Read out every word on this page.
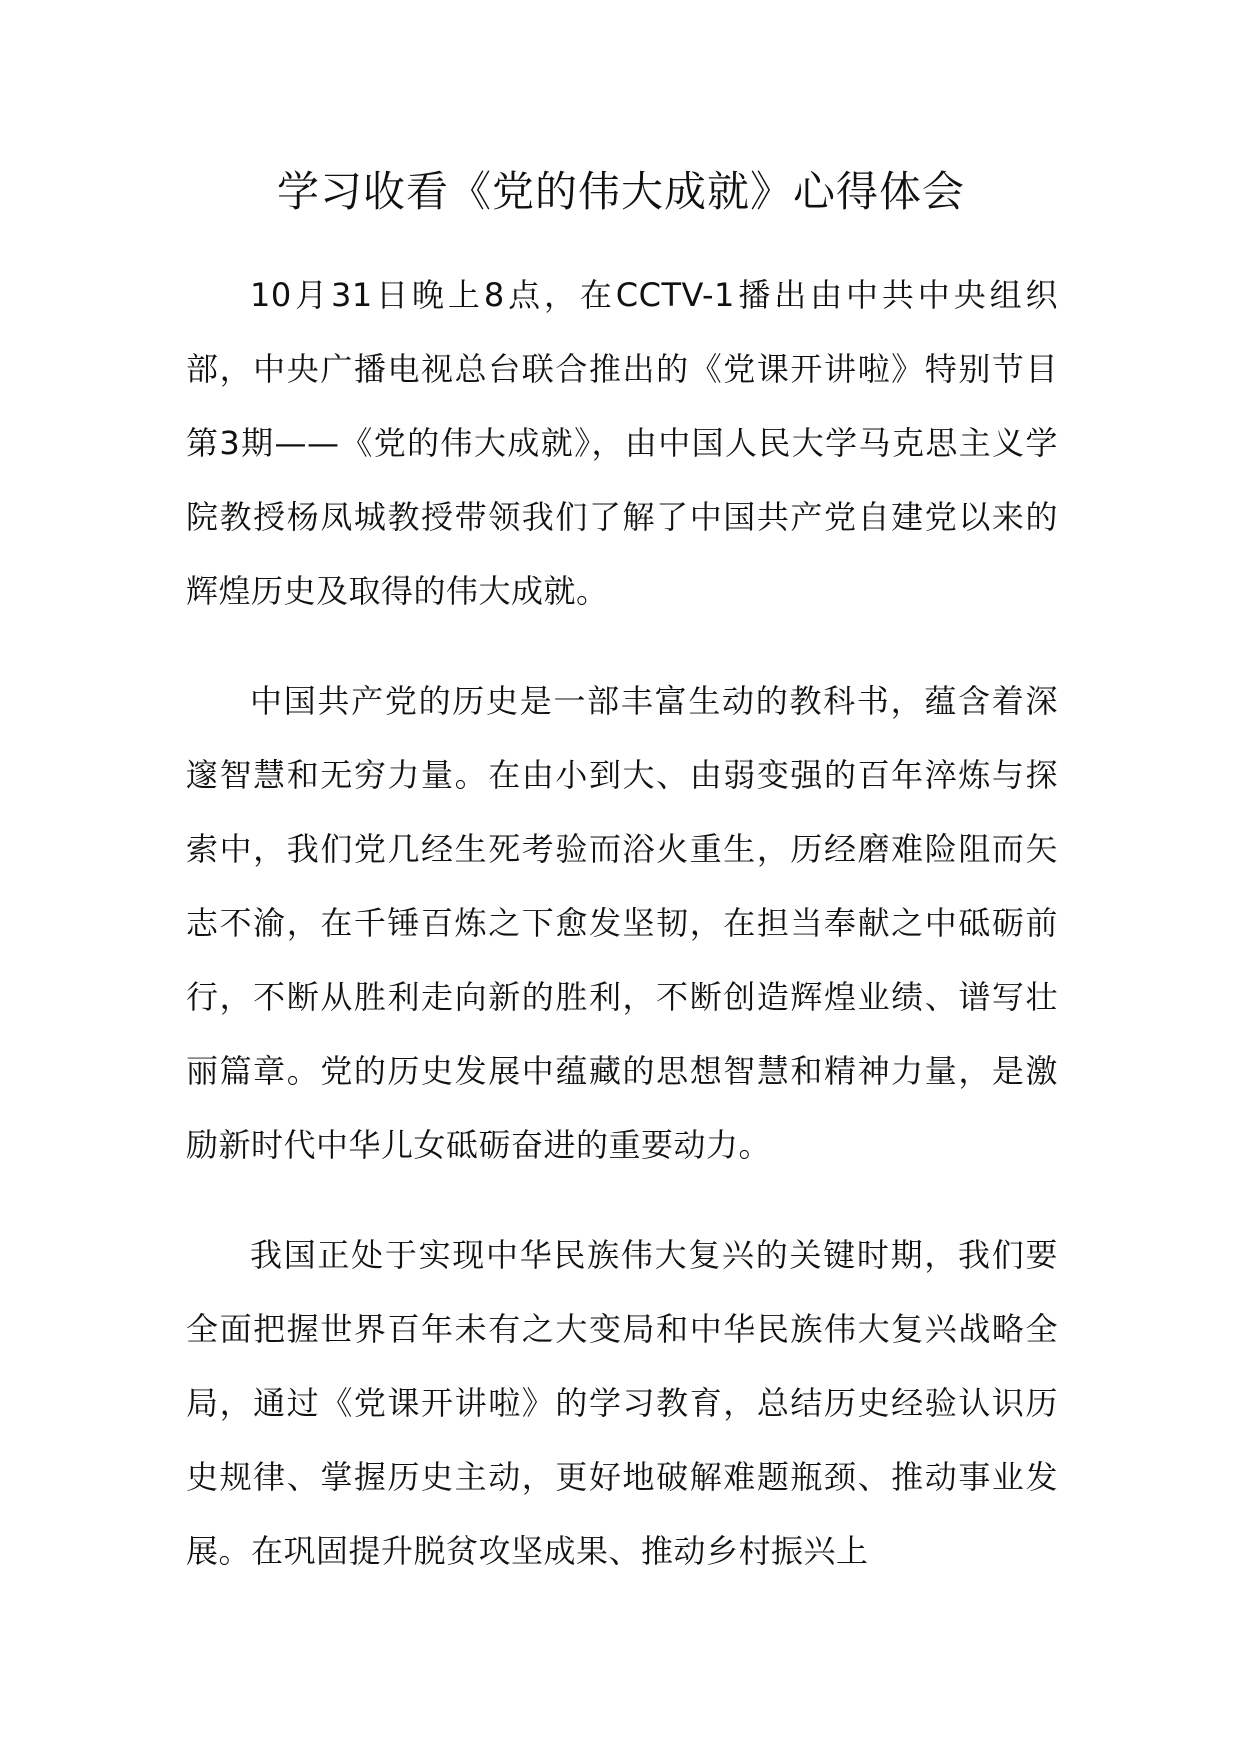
学习收看《党的伟大成就》心得体会

10月31日晚上8点，在CCTV-1播出由中共中央组织部，中央广播电视总台联合推出的《党课开讲啦》特别节目第3期——《党的伟大成就》，由中国人民大学马克思主义学院教授杨凤城教授带领我们了解了中国共产党自建党以来的辉煌历史及取得的伟大成就。

中国共产党的历史是一部丰富生动的教科书，蕴含着深邃智慧和无穷力量。在由小到大、由弱变强的百年淬炼与探索中，我们党几经生死考验而浴火重生，历经磨难险阻而矢志不渝，在千锤百炼之下愈发坚韧，在担当奉献之中砥砺前行，不断从胜利走向新的胜利，不断创造辉煌业绩、谱写壮丽篇章。党的历史发展中蕴藏的思想智慧和精神力量，是激励新时代中华儿女砥砺奋进的重要动力。

我国正处于实现中华民族伟大复兴的关键时期，我们要全面把握世界百年未有之大变局和中华民族伟大复兴战略全局，通过《党课开讲啦》的学习教育，总结历史经验认识历史规律、掌握历史主动，更好地破解难题瓶颈、推动事业发展。在巩固提升脱贫攻坚成果、推动乡村振兴上
